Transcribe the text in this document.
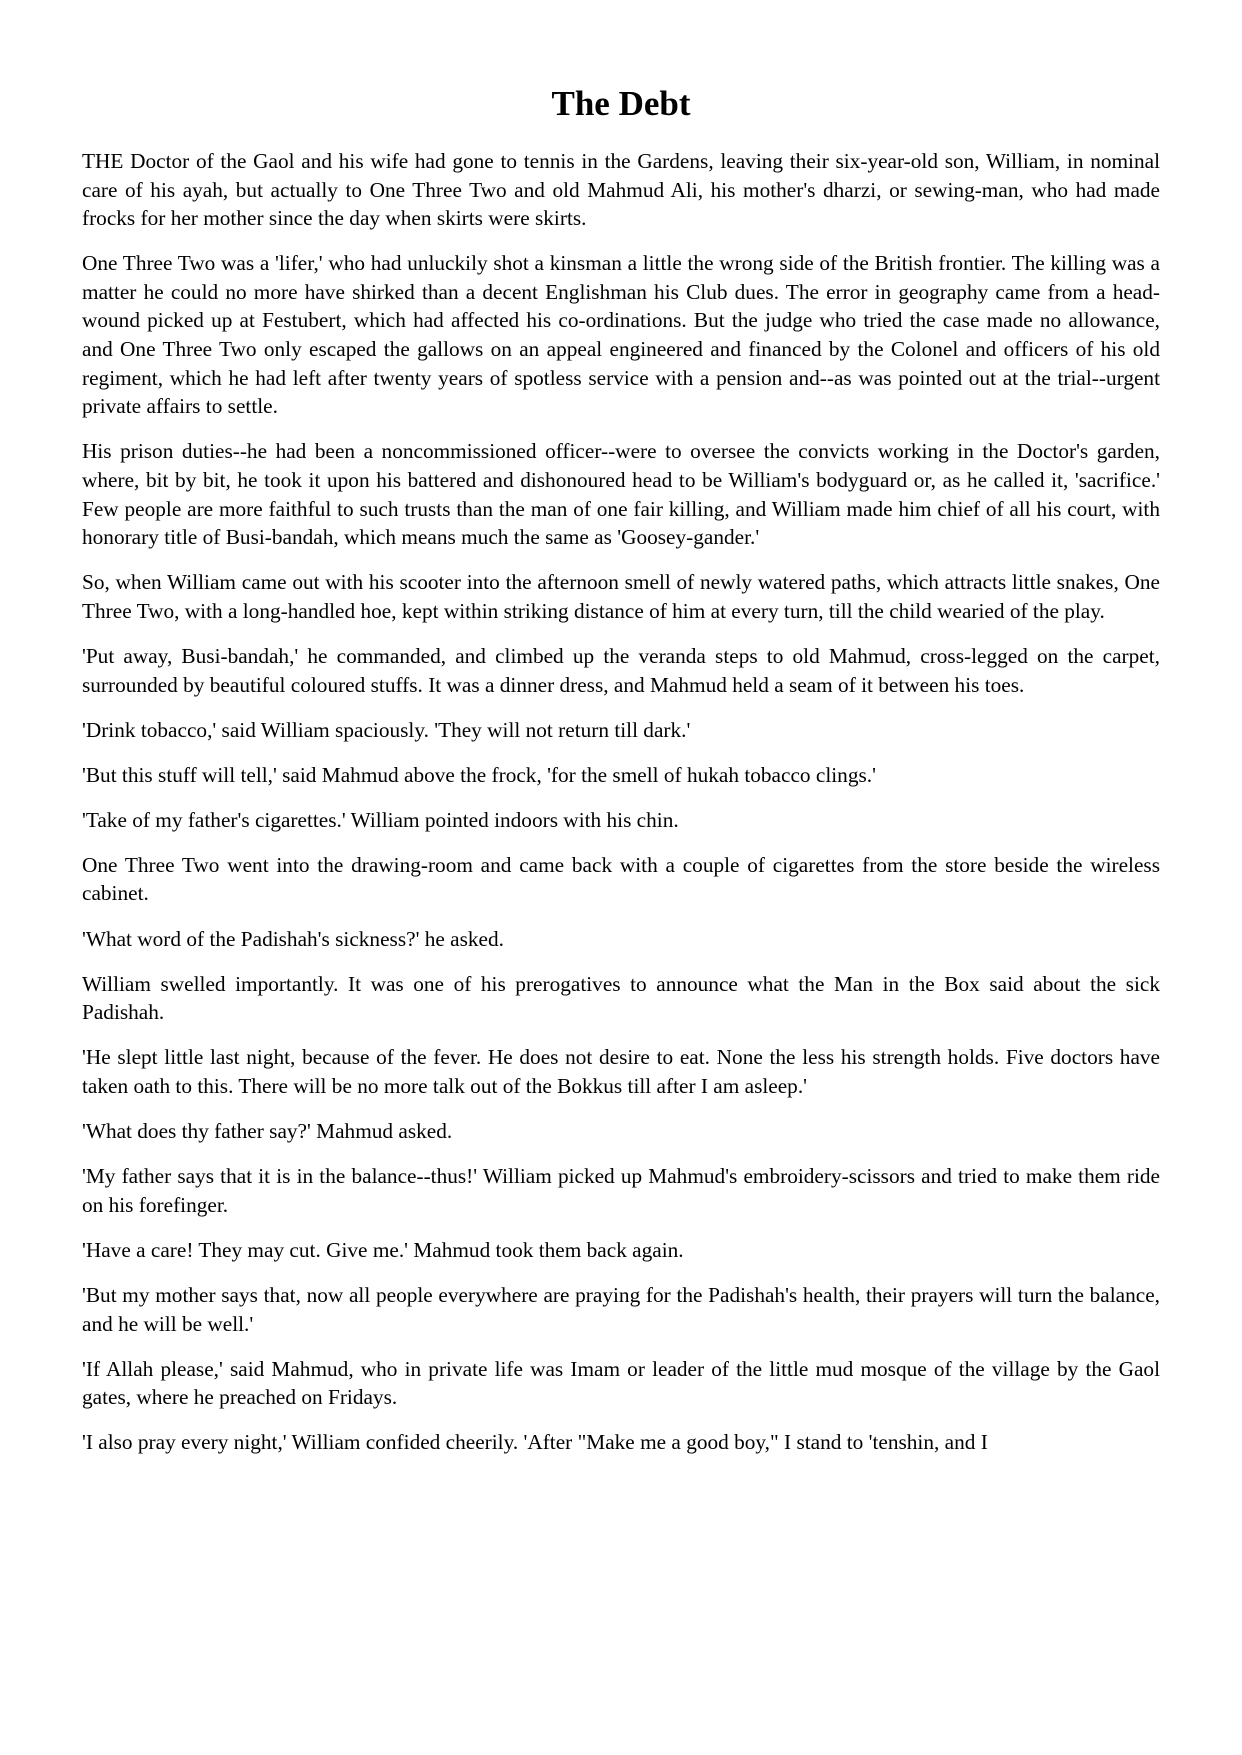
The Debt

THE Doctor of the Gaol and his wife had gone to tennis in the Gardens, leaving their six-year-old son, William, in nominal care of his ayah, but actually to One Three Two and old Mahmud Ali, his mother's dharzi, or sewing-man, who had made frocks for her mother since the day when skirts were skirts.

One Three Two was a 'lifer,' who had unluckily shot a kinsman a little the wrong side of the British frontier. The killing was a matter he could no more have shirked than a decent Englishman his Club dues. The error in geography came from a head-wound picked up at Festubert, which had affected his co-ordinations. But the judge who tried the case made no allowance, and One Three Two only escaped the gallows on an appeal engineered and financed by the Colonel and officers of his old regiment, which he had left after twenty years of spotless service with a pension and--as was pointed out at the trial--urgent private affairs to settle.

His prison duties--he had been a noncommissioned officer--were to oversee the convicts working in the Doctor's garden, where, bit by bit, he took it upon his battered and dishonoured head to be William's bodyguard or, as he called it, 'sacrifice.' Few people are more faithful to such trusts than the man of one fair killing, and William made him chief of all his court, with honorary title of Busi-bandah, which means much the same as 'Goosey-gander.'

So, when William came out with his scooter into the afternoon smell of newly watered paths, which attracts little snakes, One Three Two, with a long-handled hoe, kept within striking distance of him at every turn, till the child wearied of the play.

'Put away, Busi-bandah,' he commanded, and climbed up the veranda steps to old Mahmud, cross-legged on the carpet, surrounded by beautiful coloured stuffs. It was a dinner dress, and Mahmud held a seam of it between his toes.

'Drink tobacco,' said William spaciously. 'They will not return till dark.'

'But this stuff will tell,' said Mahmud above the frock, 'for the smell of hukah tobacco clings.'

'Take of my father's cigarettes.' William pointed indoors with his chin.

One Three Two went into the drawing-room and came back with a couple of cigarettes from the store beside the wireless cabinet.

'What word of the Padishah's sickness?' he asked.

William swelled importantly. It was one of his prerogatives to announce what the Man in the Box said about the sick Padishah.

'He slept little last night, because of the fever. He does not desire to eat. None the less his strength holds. Five doctors have taken oath to this. There will be no more talk out of the Bokkus till after I am asleep.'

'What does thy father say?' Mahmud asked.

'My father says that it is in the balance--thus!' William picked up Mahmud's embroidery-scissors and tried to make them ride on his forefinger.

'Have a care! They may cut. Give me.' Mahmud took them back again.

'But my mother says that, now all people everywhere are praying for the Padishah's health, their prayers will turn the balance, and he will be well.'

'If Allah please,' said Mahmud, who in private life was Imam or leader of the little mud mosque of the village by the Gaol gates, where he preached on Fridays.

'I also pray every night,' William confided cheerily. 'After "Make me a good boy," I stand to 'tenshin, and I
